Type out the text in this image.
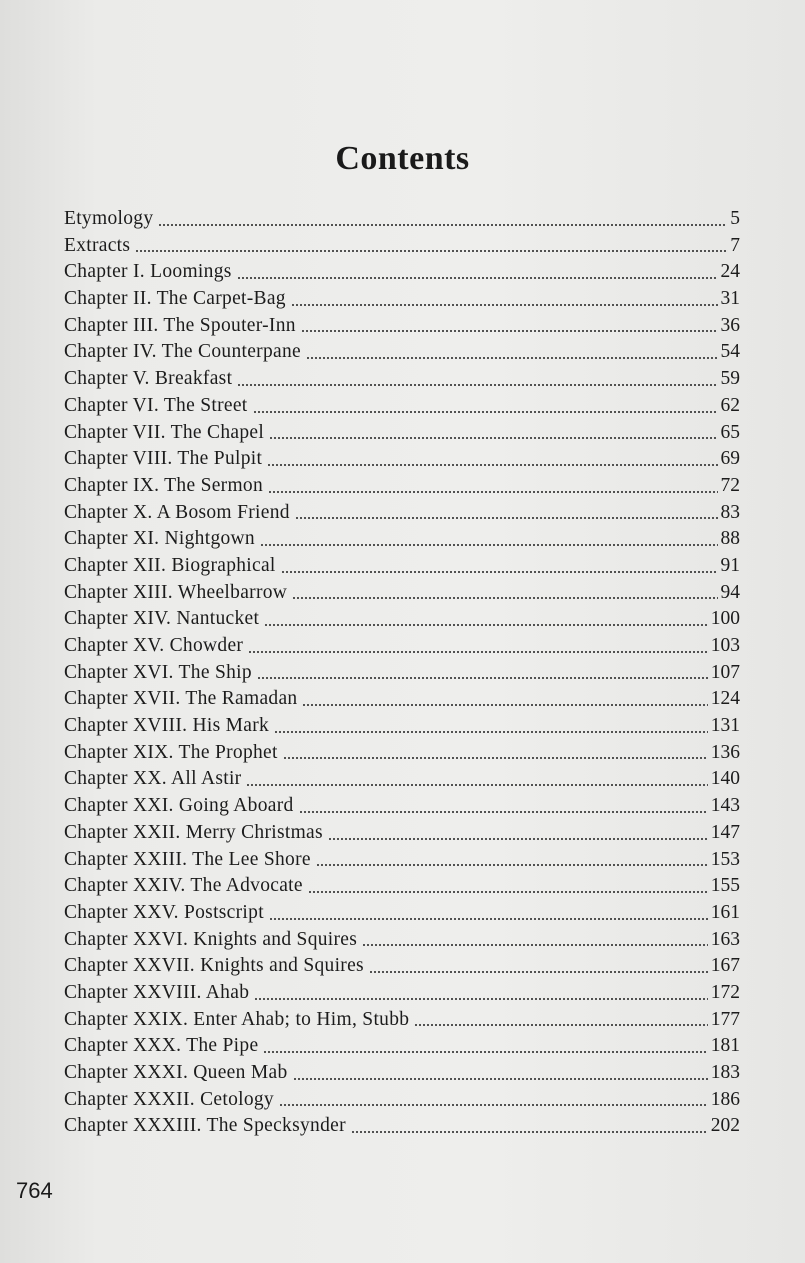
Contents
Etymology	5
Extracts	7
Chapter I. Loomings	24
Chapter II. The Carpet-Bag	31
Chapter III. The Spouter-Inn	36
Chapter IV. The Counterpane	54
Chapter V. Breakfast	59
Chapter VI. The Street	62
Chapter VII. The Chapel	65
Chapter VIII. The Pulpit	69
Chapter IX. The Sermon	72
Chapter X. A Bosom Friend	83
Chapter XI. Nightgown	88
Chapter XII. Biographical	91
Chapter XIII. Wheelbarrow	94
Chapter XIV. Nantucket	100
Chapter XV. Chowder	103
Chapter XVI. The Ship	107
Chapter XVII. The Ramadan	124
Chapter XVIII. His Mark	131
Chapter XIX. The Prophet	136
Chapter XX. All Astir	140
Chapter XXI. Going Aboard	143
Chapter XXII. Merry Christmas	147
Chapter XXIII. The Lee Shore	153
Chapter XXIV. The Advocate	155
Chapter XXV. Postscript	161
Chapter XXVI. Knights and Squires	163
Chapter XXVII. Knights and Squires	167
Chapter XXVIII. Ahab	172
Chapter XXIX. Enter Ahab; to Him, Stubb	177
Chapter XXX. The Pipe	181
Chapter XXXI. Queen Mab	183
Chapter XXXII. Cetology	186
Chapter XXXIII. The Specksynder	202
764
